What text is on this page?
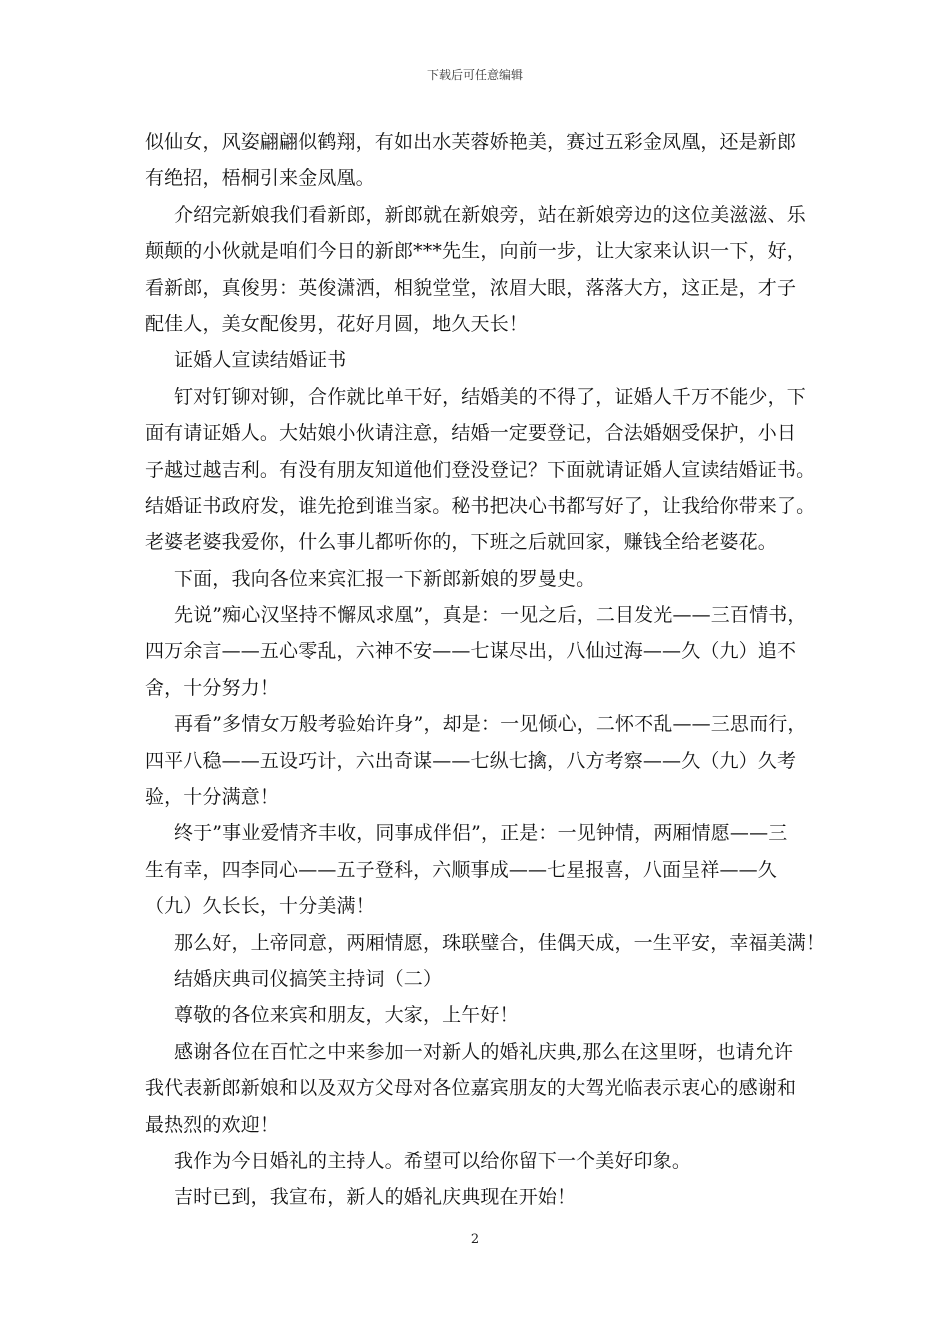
下载后可任意编辑
似仙女，风姿翩翩似鹤翔，有如出水芙蓉娇艳美，赛过五彩金凤凰，还是新郎
有绝招，梧桐引来金凤凰。
介绍完新娘我们看新郎，新郎就在新娘旁，站在新娘旁边的这位美滋滋、乐
颠颠的小伙就是咱们今日的新郎***先生，向前一步，让大家来认识一下，好，
看新郎，真俊男：英俊潇洒，相貌堂堂，浓眉大眼，落落大方，这正是，才子
配佳人，美女配俊男，花好月圆，地久天长！
证婚人宣读结婚证书
钉对钉铆对铆，合作就比单干好，结婚美的不得了，证婚人千万不能少，下
面有请证婚人。大姑娘小伙请注意，结婚一定要登记，合法婚姻受保护，小日
子越过越吉利。有没有朋友知道他们登没登记？下面就请证婚人宣读结婚证书。
结婚证书政府发，谁先抢到谁当家。秘书把决心书都写好了，让我给你带来了。
老婆老婆我爱你，什么事儿都听你的，下班之后就回家，赚钱全给老婆花。
下面，我向各位来宾汇报一下新郎新娘的罗曼史。
先说”痴心汉坚持不懈凤求凰”，真是：一见之后，二目发光——三百情书，
四万余言——五心零乱，六神不安——七谋尽出，八仙过海——久（九）追不
舍，十分努力！
再看”多情女万般考验始许身”，却是：一见倾心，二怀不乱——三思而行，
四平八稳——五设巧计，六出奇谋——七纵七擒，八方考察——久（九）久考
验，十分满意！
终于”事业爱情齐丰收，同事成伴侣”，正是：一见钟情，两厢情愿——三
生有幸，四李同心——五子登科，六顺事成——七星报喜，八面呈祥——久
（九）久长长，十分美满！
那么好，上帝同意，两厢情愿，珠联璧合，佳偶天成，一生平安，幸福美满！
结婚庆典司仪搞笑主持词（二）
尊敬的各位来宾和朋友，大家，上午好！
感谢各位在百忙之中来参加一对新人的婚礼庆典,那么在这里呀，也请允许
我代表新郎新娘和以及双方父母对各位嘉宾朋友的大驾光临表示衷心的感谢和
最热烈的欢迎！
我作为今日婚礼的主持人。希望可以给你留下一个美好印象。
吉时已到，我宣布，新人的婚礼庆典现在开始！
2
